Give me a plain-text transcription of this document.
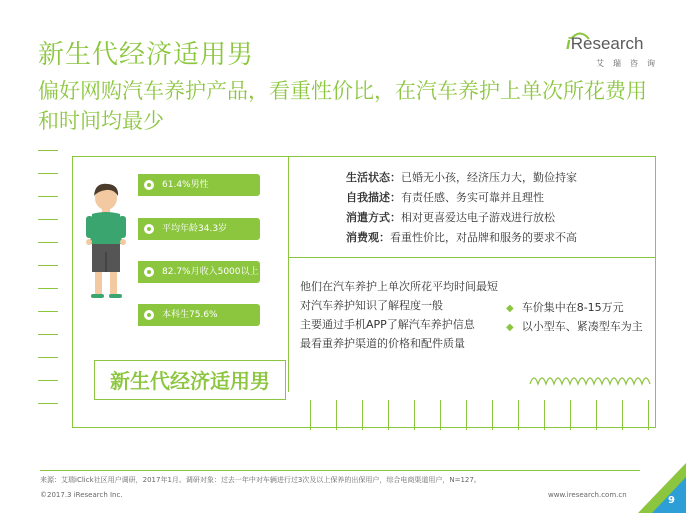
新生代经济适用男
偏好网购汽车养护产品，看重性价比，在汽车养护上单次所花费用和时间均最少
iResearch
艾瑞咨询
61.4%男性
平均年龄34.3岁
82.7%月收入5000以上
本科生75.6%
新生代经济适用男
生活状态：已婚无小孩，经济压力大，勤俭持家
自我描述：有责任感、务实可靠并且理性
消遣方式：相对更喜爱达电子游戏进行放松
消费观：看重性价比，对品牌和服务的要求不高
他们在汽车养护上单次所花平均时间最短
对汽车养护知识了解程度一般
主要通过手机APP了解汽车养护信息
最看重养护渠道的价格和配件质量
◆ 车价集中在8-15万元
◆ 以小型车、紧凑型车为主
来源：艾瑞iClick社区用户调研，2017年1月。调研对象：过去一年中对车辆进行过3次及以上保养的出保用户，综合电商渠道用户，N=127。
©2017.3 iResearch Inc.	www.iresearch.com.cn	9
